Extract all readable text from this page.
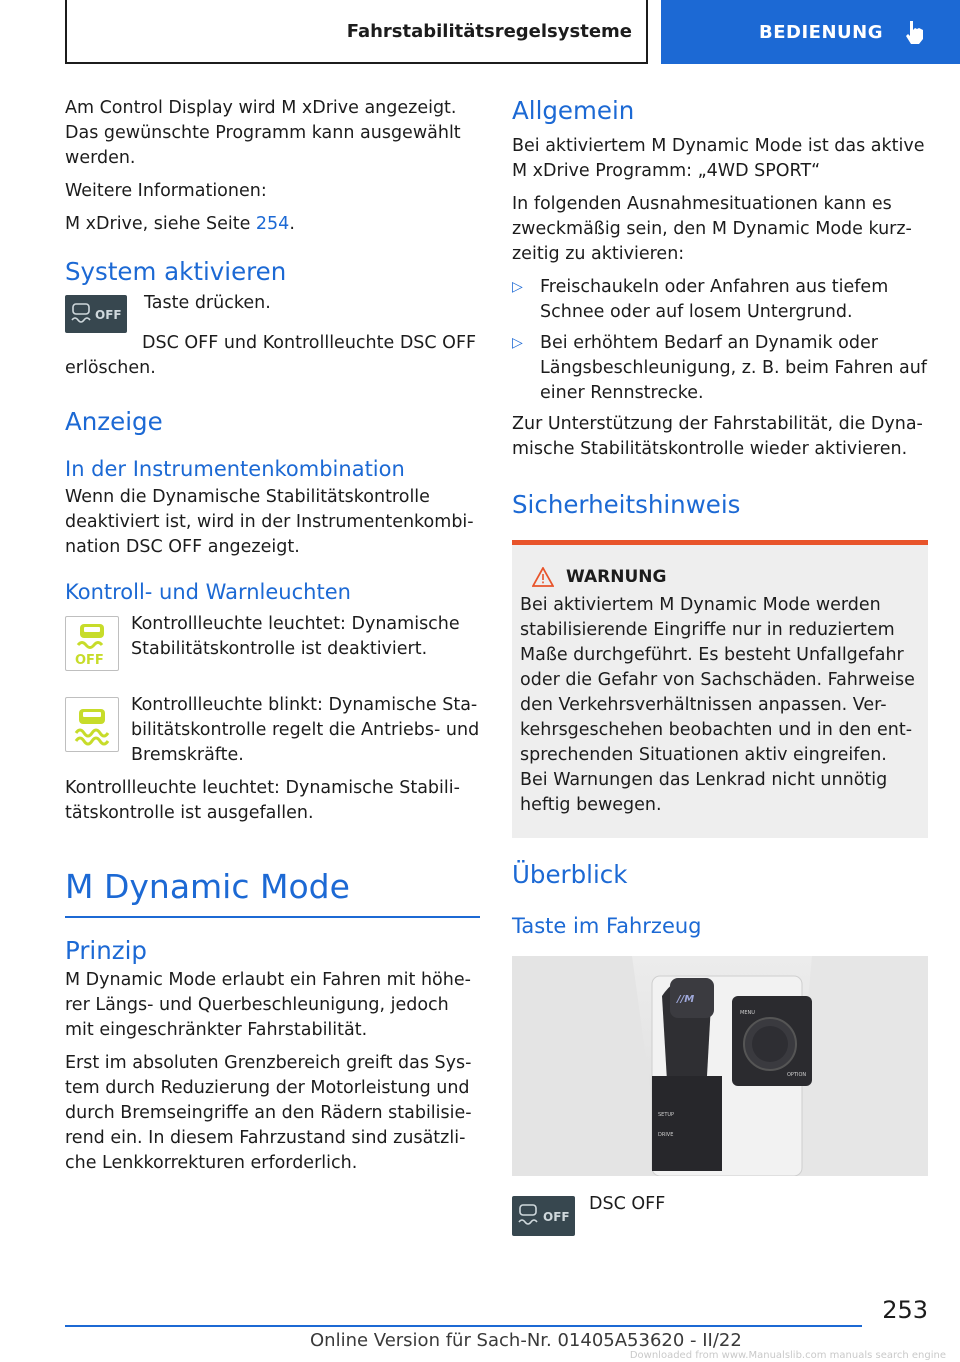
Fahrstabilitätsregelsysteme	BEDIENUNG

Am Control Display wird M xDrive angezeigt. Das gewünschte Programm kann ausgewählt werden.

Weitere Informationen:

M xDrive, siehe Seite 254.

System aktivieren
OFF

Taste drücken.

DSC OFF und Kontrollleuchte DSC OFF erlöschen.

Anzeige
In der Instrumentenkombination

Wenn die Dynamische Stabilitätskontrolle deaktiviert ist, wird in der Instrumentenkombi-nation DSC OFF angezeigt.

Kontroll- und Warnleuchten
OFF

Kontrollleuchte leuchtet: Dynamische Stabilitätskontrolle ist deaktiviert.

Kontrollleuchte blinkt: Dynamische Sta-bilitätskontrolle regelt die Antriebs- und Bremskräfte.

Kontrollleuchte leuchtet: Dynamische Stabili-tätskontrolle ist ausgefallen.

M Dynamic Mode
Prinzip

M Dynamic Mode erlaubt ein Fahren mit höhe-rer Längs- und Querbeschleunigung, jedoch mit eingeschränkter Fahrstabilität.

Erst im absoluten Grenzbereich greift das Sys-tem durch Reduzierung der Motorleistung und durch Bremseingriffe an den Rädern stabilisie-rend ein. In diesem Fahrzustand sind zusätzli-che Lenkkorrekturen erforderlich.

Allgemein

Bei aktiviertem M Dynamic Mode ist das aktive M xDrive Programm: „4WD SPORT“

In folgenden Ausnahmesituationen kann es zweckmäßig sein, den M Dynamic Mode kurz-zeitig zu aktivieren:

▷ Freischaukeln oder Anfahren aus tiefem Schnee oder auf losem Untergrund.

▷ Bei erhöhtem Bedarf an Dynamik oder Längsbeschleunigung, z. B. beim Fahren auf einer Rennstrecke.

Zur Unterstützung der Fahrstabilität, die Dyna-mische Stabilitätskontrolle wieder aktivieren.

Sicherheitshinweis
WARNUNG

Bei aktiviertem M Dynamic Mode werden stabilisierende Eingriffe nur in reduziertem Maße durchgeführt. Es besteht Unfallgefahr oder die Gefahr von Sachschäden. Fahrweise den Verkehrsverhältnissen anpassen. Ver-kehrsgeschehen beobachten und in den ent-sprechenden Situationen aktiv eingreifen. Bei Warnungen das Lenkrad nicht unnötig heftig bewegen.

Überblick
Taste im Fahrzeug
//M
MENU
OPTION
SETUP
DRIVE
OFF

DSC OFF

253
Online Version für Sach-Nr. 01405A53620 - II/22
Downloaded from www.Manualslib.com manuals search engine
